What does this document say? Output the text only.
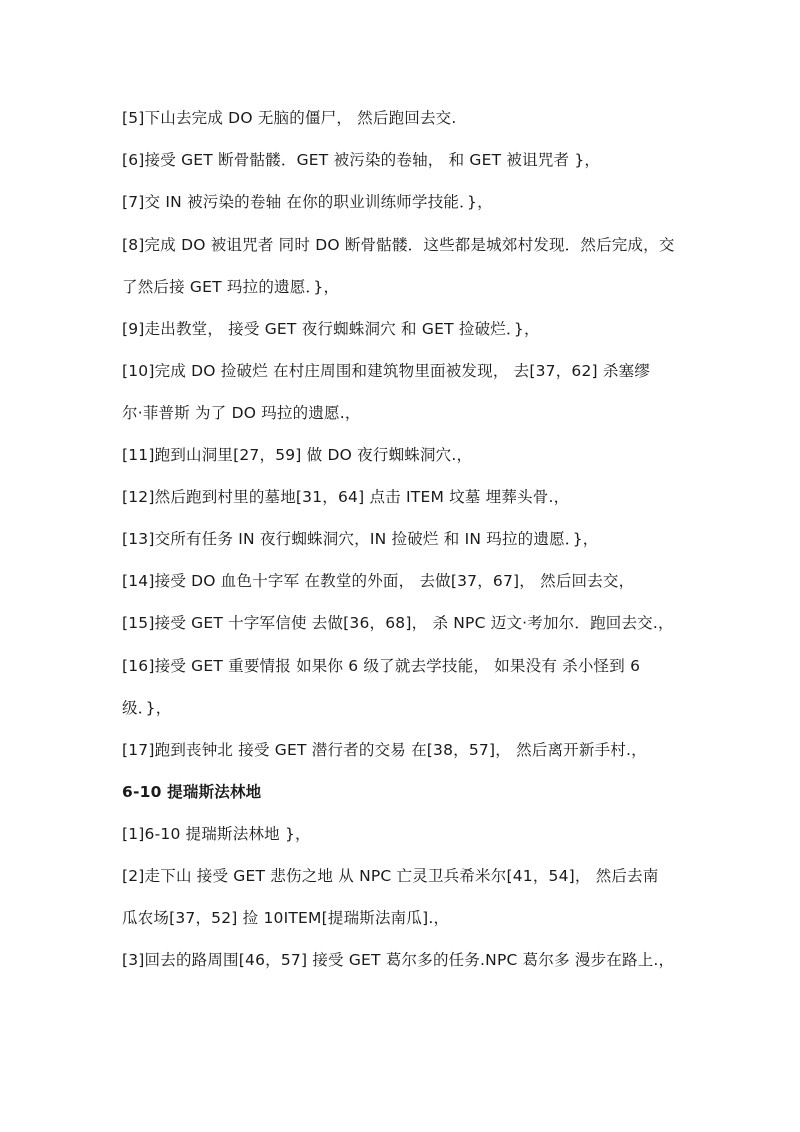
[5]下山去完成 DO 无脑的僵尸， 然后跑回去交.
[6]接受 GET 断骨骷髅．GET 被污染的卷轴， 和 GET 被诅咒者 }，
[7]交 IN 被污染的卷轴 在你的职业训练师学技能．}，
[8]完成 DO 被诅咒者 同时 DO 断骨骷髅．这些都是城郊村发现．然后完成，交
了然后接 GET 玛拉的遗愿．}，
[9]走出教堂， 接受 GET 夜行蜘蛛洞穴 和 GET 捡破烂．}，
[10]完成 DO 捡破烂 在村庄周围和建筑物里面被发现， 去[37，62] 杀塞缪
尔·菲普斯 为了 DO 玛拉的遗愿.，
[11]跑到山洞里[27，59] 做 DO 夜行蜘蛛洞穴.，
[12]然后跑到村里的墓地[31，64] 点击 ITEM 坟墓 埋葬头骨.，
[13]交所有任务 IN 夜行蜘蛛洞穴，IN 捡破烂 和 IN 玛拉的遗愿．}，
[14]接受 DO 血色十字军 在教堂的外面， 去做[37，67]， 然后回去交，
[15]接受 GET 十字军信使 去做[36，68]， 杀 NPC 迈文·考加尔．跑回去交.，
[16]接受 GET 重要情报 如果你 6 级了就去学技能， 如果没有 杀小怪到 6
级．}，
[17]跑到丧钟北 接受 GET 潜行者的交易 在[38，57]， 然后离开新手村.，
6-10 提瑞斯法林地
[1]6-10 提瑞斯法林地 }，
[2]走下山 接受 GET 悲伤之地 从 NPC 亡灵卫兵希米尔[41，54]， 然后去南
瓜农场[37，52] 捡 10ITEM[提瑞斯法南瓜].，
[3]回去的路周围[46，57] 接受 GET 葛尔多的任务.NPC 葛尔多 漫步在路上.，
